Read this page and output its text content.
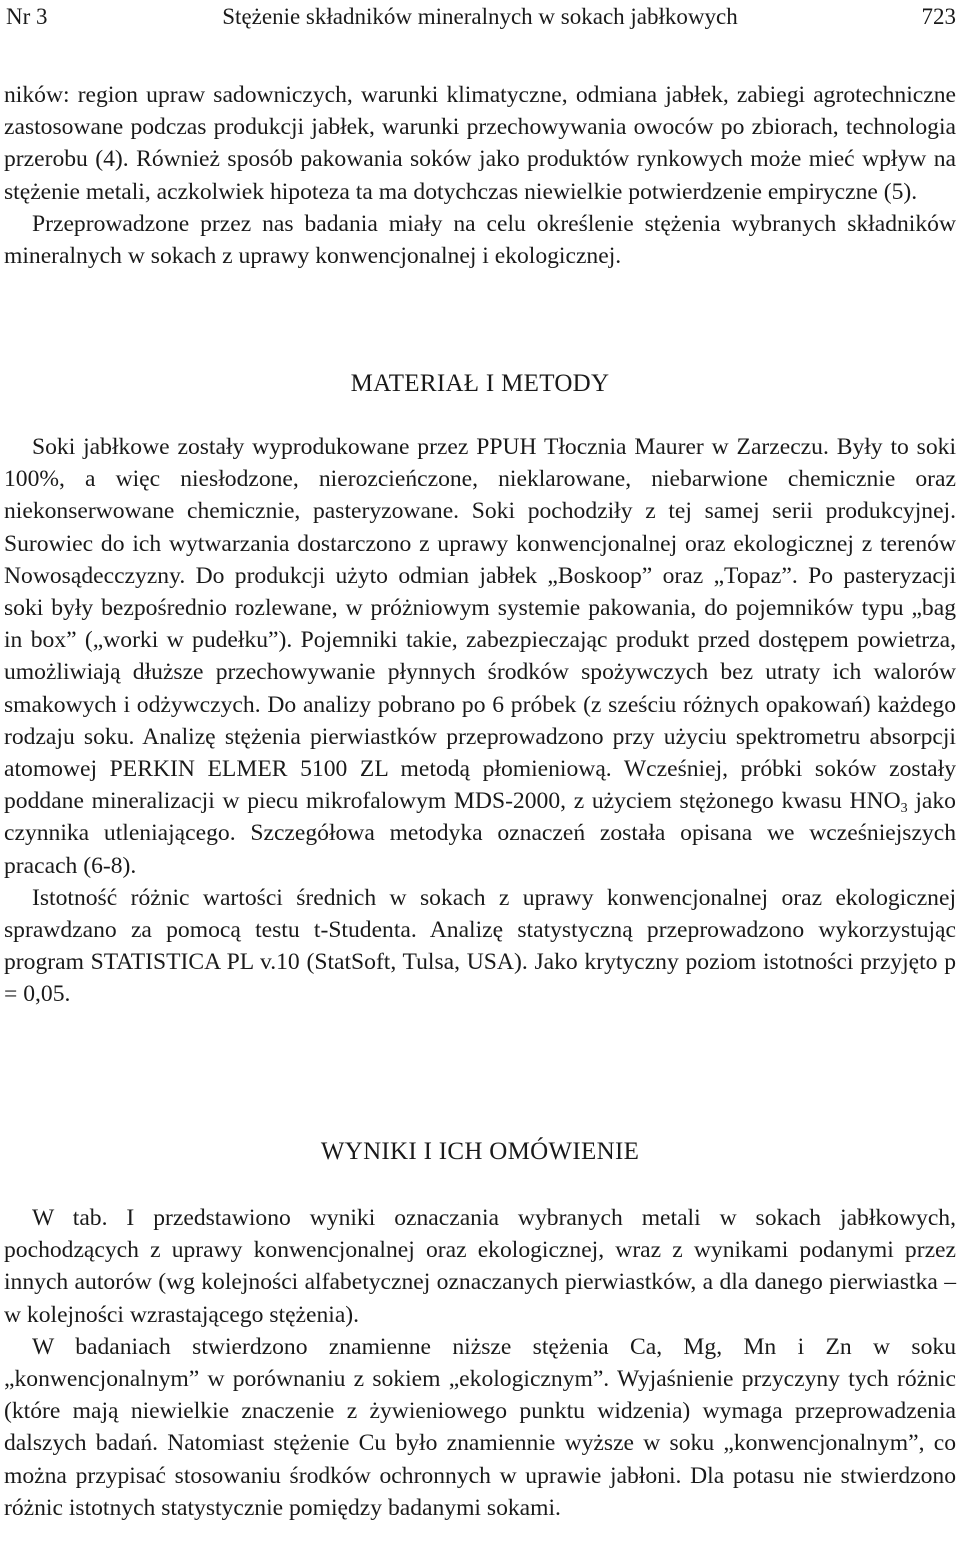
Nr 3	Stężenie składników mineralnych w sokach jabłkowych	723

ników: region upraw sadowniczych, warunki klimatyczne, odmiana jabłek, zabiegi agrotechniczne zastosowane podczas produkcji jabłek, warunki przechowywania owoców po zbiorach, technologia przerobu (4). Również sposób pakowania soków jako produktów rynkowych może mieć wpływ na stężenie metali, aczkolwiek hipoteza ta ma dotychczas niewielkie potwierdzenie empiryczne (5).

Przeprowadzone przez nas badania miały na celu określenie stężenia wybranych składników mineralnych w sokach z uprawy konwencjonalnej i ekologicznej.

MATERIAŁ I METODY

Soki jabłkowe zostały wyprodukowane przez PPUH Tłocznia Maurer w Zarzeczu. Były to soki 100%, a więc niesłodzone, nierozcieńczone, nieklarowane, niebarwione chemicznie oraz niekonserwowane chemicznie, pasteryzowane. Soki pochodziły z tej samej serii produkcyjnej. Surowiec do ich wytwarzania dostarczono z uprawy konwencjonalnej oraz ekologicznej z terenów Nowosądecczyzny. Do produkcji użyto odmian jabłek „Boskoop” oraz „Topaz”. Po pasteryzacji soki były bezpośrednio rozlewane, w próżniowym systemie pakowania, do pojemników typu „bag in box” („worki w pudełku”). Pojemniki takie, zabezpieczając produkt przed dostępem powietrza, umożliwiają dłuższe przechowywanie płynnych środków spożywczych bez utraty ich walorów smakowych i odżywczych. Do analizy pobrano po 6 próbek (z sześciu różnych opakowań) każdego rodzaju soku. Analizę stężenia pierwiastków przeprowadzono przy użyciu spektrometru absorpcji atomowej PERKIN ELMER 5100 ZL metodą płomieniową. Wcześniej, próbki soków zostały poddane mineralizacji w piecu mikrofalowym MDS-2000, z użyciem stężonego kwasu $HNO_3$ jako czynnika utleniającego. Szczegółowa metodyka oznaczeń została opisana we wcześniejszych pracach (6-8).

Istotność różnic wartości średnich w sokach z uprawy konwencjonalnej oraz ekologicznej sprawdzano za pomocą testu t-Studenta. Analizę statystyczną przeprowadzono wykorzystując program STATISTICA PL v.10 (StatSoft, Tulsa, USA). Jako krytyczny poziom istotności przyjęto p = 0,05.

WYNIKI I ICH OMÓWIENIE

W tab. I przedstawiono wyniki oznaczania wybranych metali w sokach jabłkowych, pochodzących z uprawy konwencjonalnej oraz ekologicznej, wraz z wynikami podanymi przez innych autorów (wg kolejności alfabetycznej oznaczanych pierwiastków, a dla danego pierwiastka – w kolejności wzrastającego stężenia).

W badaniach stwierdzono znamienne niższe stężenia Ca, Mg, Mn i Zn w soku „konwencjonalnym” w porównaniu z sokiem „ekologicznym”. Wyjaśnienie przyczyny tych różnic (które mają niewielkie znaczenie z żywieniowego punktu widzenia) wymaga przeprowadzenia dalszych badań. Natomiast stężenie Cu było znamiennie wyższe w soku „konwencjonalnym”, co można przypisać stosowaniu środków ochronnych w uprawie jabłoni. Dla potasu nie stwierdzono różnic istotnych statystycznie pomiędzy badanymi sokami.
